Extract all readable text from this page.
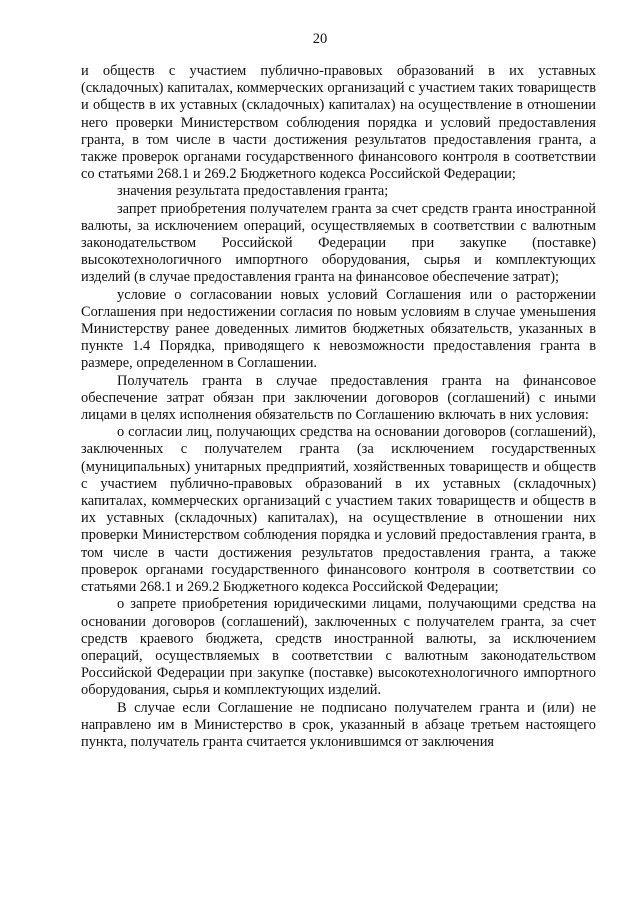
20

и обществ с участием публично-правовых образований в их уставных (складочных) капиталах, коммерческих организаций с участием таких товариществ и обществ в их уставных (складочных) капиталах) на осуществление в отношении него проверки Министерством соблюдения порядка и условий предоставления гранта, в том числе в части достижения результатов предоставления гранта, а также проверок органами государственного финансового контроля в соответствии со статьями 268.1 и 269.2 Бюджетного кодекса Российской Федерации;

значения результата предоставления гранта;

запрет приобретения получателем гранта за счет средств гранта иностранной валюты, за исключением операций, осуществляемых в соответствии с валютным законодательством Российской Федерации при закупке (поставке) высокотехнологичного импортного оборудования, сырья и комплектующих изделий (в случае предоставления гранта на финансовое обеспечение затрат);

условие о согласовании новых условий Соглашения или о расторжении Соглашения при недостижении согласия по новым условиям в случае уменьшения Министерству ранее доведенных лимитов бюджетных обязательств, указанных в пункте 1.4 Порядка, приводящего к невозможности предоставления гранта в размере, определенном в Соглашении.

Получатель гранта в случае предоставления гранта на финансовое обеспечение затрат обязан при заключении договоров (соглашений) с иными лицами в целях исполнения обязательств по Соглашению включать в них условия:

о согласии лиц, получающих средства на основании договоров (соглашений), заключенных с получателем гранта (за исключением государственных (муниципальных) унитарных предприятий, хозяйственных товариществ и обществ с участием публично-правовых образований в их уставных (складочных) капиталах, коммерческих организаций с участием таких товариществ и обществ в их уставных (складочных) капиталах), на осуществление в отношении них проверки Министерством соблюдения порядка и условий предоставления гранта, в том числе в части достижения результатов предоставления гранта, а также проверок органами государственного финансового контроля в соответствии со статьями 268.1 и 269.2 Бюджетного кодекса Российской Федерации;

о запрете приобретения юридическими лицами, получающими средства на основании договоров (соглашений), заключенных с получателем гранта, за счет средств краевого бюджета, средств иностранной валюты, за исключением операций, осуществляемых в соответствии с валютным законодательством Российской Федерации при закупке (поставке) высокотехнологичного импортного оборудования, сырья и комплектующих изделий.

В случае если Соглашение не подписано получателем гранта и (или) не направлено им в Министерство в срок, указанный в абзаце третьем настоящего пункта, получатель гранта считается уклонившимся от заключения
